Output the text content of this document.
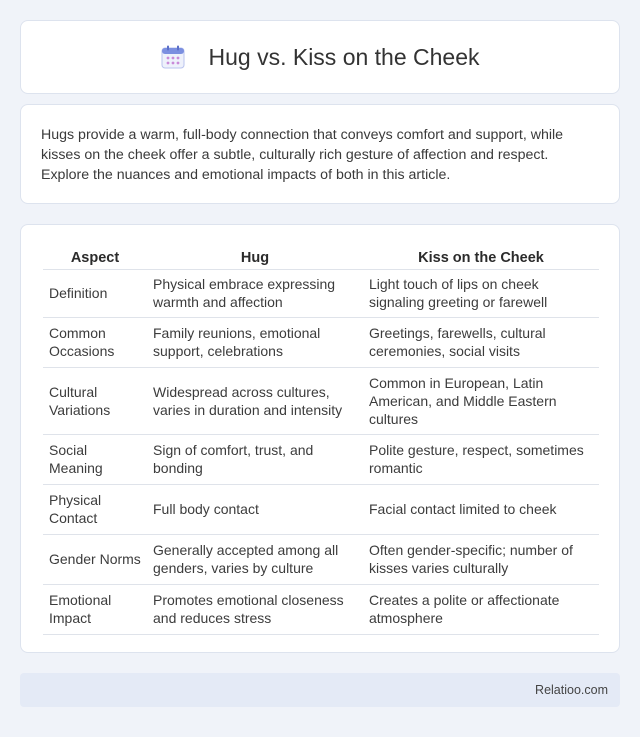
Hug vs. Kiss on the Cheek

Hugs provide a warm, full-body connection that conveys comfort and support, while kisses on the cheek offer a subtle, culturally rich gesture of affection and respect. Explore the nuances and emotional impacts of both in this article.

Aspect	Hug	Kiss on the Cheek
Definition	Physical embrace expressing warmth and affection	Light touch of lips on cheek signaling greeting or farewell
Common Occasions	Family reunions, emotional support, celebrations	Greetings, farewells, cultural ceremonies, social visits
Cultural Variations	Widespread across cultures, varies in duration and intensity	Common in European, Latin American, and Middle Eastern cultures
Social Meaning	Sign of comfort, trust, and bonding	Polite gesture, respect, sometimes romantic
Physical Contact	Full body contact	Facial contact limited to cheek
Gender Norms	Generally accepted among all genders, varies by culture	Often gender-specific; number of kisses varies culturally
Emotional Impact	Promotes emotional closeness and reduces stress	Creates a polite or affectionate atmosphere
Relatioo.com
